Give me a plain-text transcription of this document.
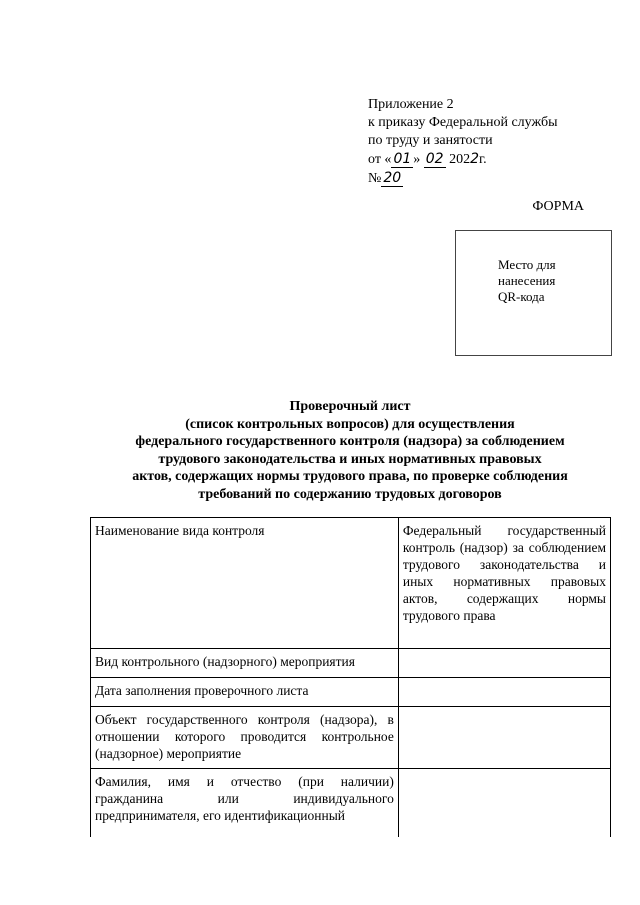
Приложение 2
к приказу Федеральной службы
по труду и занятости
от « 01 » 02 2022г.
№ 20
ФОРМА
Место для
нанесения
QR-кода
Проверочный лист
(список контрольных вопросов) для осуществления
федерального государственного контроля (надзора) за соблюдением
трудового законодательства и иных нормативных правовых
актов, содержащих нормы трудового права, по проверке соблюдения
требований по содержанию трудовых договоров
Наименование вида контроля	Федеральный государственный контроль (надзор) за соблюдением трудового законодательства и иных нормативных правовых актов, содержащих нормы трудового права
Вид контрольного (надзорного) мероприятия	
Дата заполнения проверочного листа	
Объект государственного контроля (надзора), в отношении которого проводится контрольное (надзорное) мероприятие	
Фамилия, имя и отчество (при наличии) гражданина или индивидуального предпринимателя, его идентификационный	
